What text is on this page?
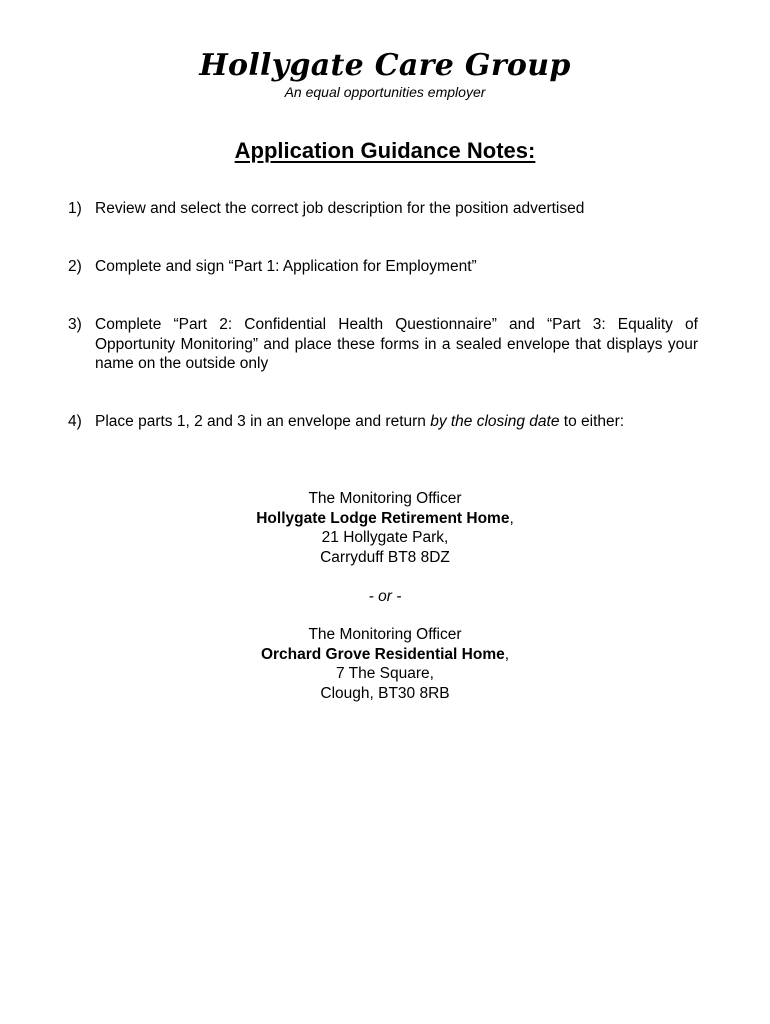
Hollygate Care Group
An equal opportunities employer
Application Guidance Notes:
1) Review and select the correct job description for the position advertised
2) Complete and sign “Part 1: Application for Employment”
3) Complete “Part 2: Confidential Health Questionnaire” and “Part 3: Equality of Opportunity Monitoring” and place these forms in a sealed envelope that displays your name on the outside only
4) Place parts 1, 2 and 3 in an envelope and return by the closing date to either:
The Monitoring Officer
Hollygate Lodge Retirement Home,
21 Hollygate Park,
Carryduff BT8 8DZ
- or -
The Monitoring Officer
Orchard Grove Residential Home,
7 The Square,
Clough, BT30 8RB
